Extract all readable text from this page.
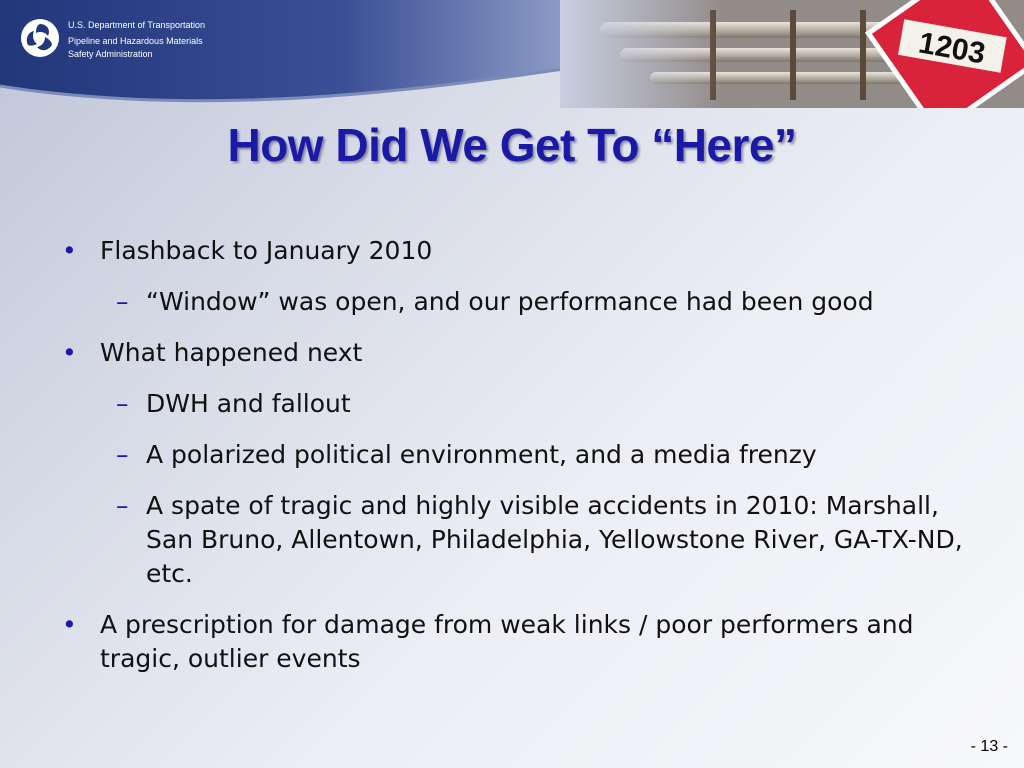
U.S. Department of Transportation
Pipeline and Hazardous Materials
Safety Administration
How Did We Get To “Here”
• Flashback to January 2010
– “Window” was open, and our performance had been good
• What happened next
– DWH and fallout
– A polarized political environment, and a media frenzy
– A spate of tragic and highly visible accidents in 2010: Marshall, San Bruno, Allentown, Philadelphia, Yellowstone River, GA-TX-ND, etc.
• A prescription for damage from weak links / poor performers and tragic, outlier events
- 13 -
